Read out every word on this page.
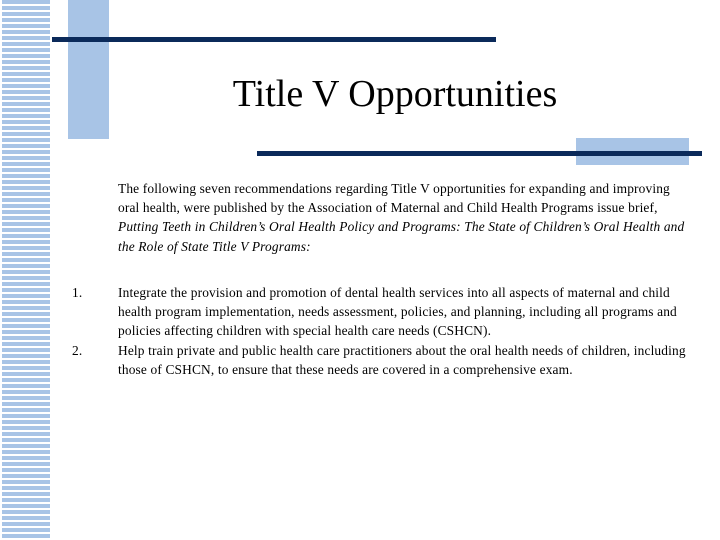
Title V Opportunities
The following seven recommendations regarding Title V opportunities for expanding and improving oral health, were published by the Association of Maternal and Child Health Programs issue brief, Putting Teeth in Children’s Oral Health Policy and Programs: The State of Children’s Oral Health and the Role of State Title V Programs:
1.	Integrate the provision and promotion of dental health services into all aspects of maternal and child health program implementation, needs assessment, policies, and planning, including all programs and policies affecting children with special health care needs (CSHCN).
2.	Help train private and public health care practitioners about the oral health needs of children, including those of CSHCN, to ensure that these needs are covered in a comprehensive exam.
